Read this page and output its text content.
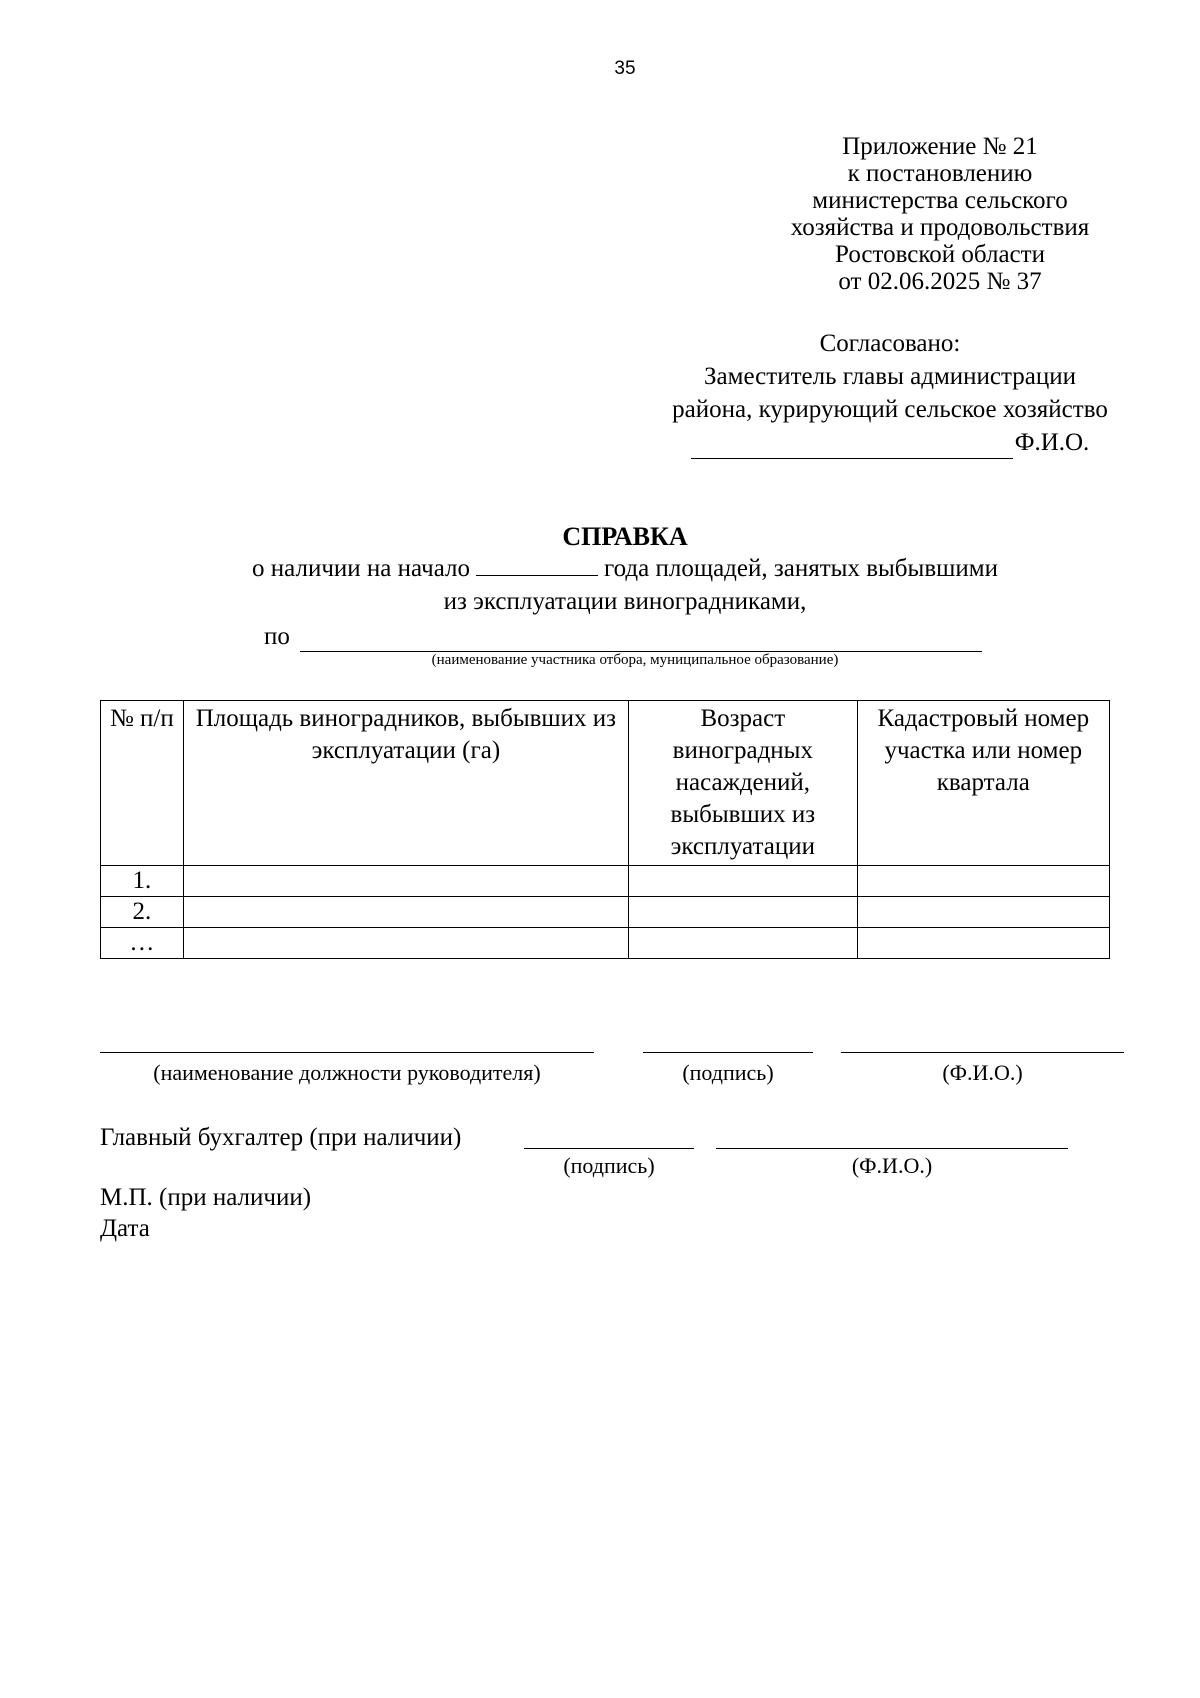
35
Приложение № 21
к постановлению
министерства сельского
хозяйства и продовольствия
Ростовской области
от 02.06.2025 № 37
Согласовано:
Заместитель главы администрации
района, курирующий сельское хозяйство
Ф.И.О.
СПРАВКА
о наличии на начало	года площадей, занятых выбывшими
из эксплуатации виноградниками,
по
(наименование участника отбора, муниципальное образование)
№ п/п	Площадь виноградников, выбывших из эксплуатации (га)	Возраст виноградных насаждений, выбывших из эксплуатации	Кадастровый номер участка или номер квартала
1.			
2.			
…			
(наименование должности руководителя)	(подпись)	(Ф.И.О.)
Главный бухгалтер (при наличии)
(подпись)	(Ф.И.О.)
М.П. (при наличии)
Дата
